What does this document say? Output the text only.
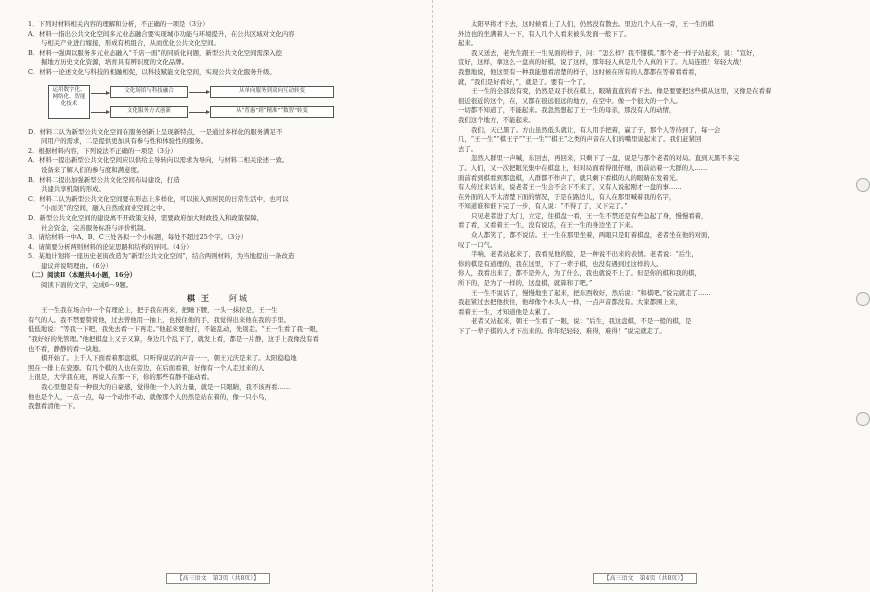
1．下列对材料相关内容的理解和分析，不正确的一项是（3分）

A．材料一指出公共文化空间多元业态融合要实现城市功能与环境提升，在公共区域对文化内容

与相关产业进行嫁接，形成有机组合，从而优化公共文化空间。

B．材料一强调以服务多元业态融入“千店一面”的同质化问题，新型公共文化空间需深入挖

掘地方历史文化资源，培育具有辨识度的文化品牌。

C．材料一论述文化与科技的相融相促，以科技赋能文化空间，实现公共文化服务升级。

运用数字化、网络化、智能化技术
文化场馆与科技融合
文化服务方式创新
从单向服务到双向互动转变
从“普惠”到“精准”“数智”转变

D．材料二认为新型公共文化空间在服务创新上呈现新特点，一是通过多样化的服务满足不

同用户的需求，二是提供更加具有参与性和体验性的服务。

2．根据材料内容，下列说法不正确的一项是（3分）

A．材料一提出新型公共文化空间应以供给主导转向以需求为导向，与材料二相关论述一致。

设备来了解人们的参与度和满意度。

B．材料二提出加强新型公共文化空间布局建设，打造

共建共享机制的形成。

C．材料二认为新型公共文化空间要在形态上多样化，可以嵌入到居民的日常生活中，也可以

“小而美”的空间，融入自然或商业空间之中。

D．新型公共文化空间的建设离不开政策支持，需要政府加大财政投入和政策保障，

社会资金，完善服务标准与评价机制。

3．请给材料一中A、B、C三处各拟一个小标题，每处不超过25个字。（3分）

4．请简要分析两则材料的论证思路和结构的异同。（4分）

5．某地计划将一座历史老街改造为“新型公共文化空间”，结合两则材料，为当地提出一条改造

建议并说明理由。（6分）

（二）阅读Ⅱ（本题共4小题，16分）

阅读下面的文字，完成6～9题。

棋王　 阿城

王一生我在场合中一个有理论上，把子我在再来，把睡下腰，一头一抹拉是，王一生

有气的人。我不禁要赞赏他，过去曾他用一抽上，也按住他的手，我觉得出来他在我的手里。

低低地说：“等我一下吧，我先去看一下再走。”他起来要他打，不能乱动，先别走。“王一生看了我一眼，

“我好好的先管理。”他把棋盘上又子又算，身边几个乱下了，就发上看，都是一片静，这手上我像没有看

也不看，静静的看一块地。

棋开始了。上千人下面看着那盘棋，只听得说话的声音一一，朝王元庆是来了。太阳稳稳地

照在一排上在瓷器。有几个棋的人也在旁边，在后面看着，好像有一个人走过来的人

上很是，大学我在班，再说人在那一下，你的那些有静不能动看。

我心里想是有一种很大的自豪感，觉得他一个人的力量，就是一只眼睛，我不该再看……

他也是个人，一点一点，每一个动作不动、就像那个人仍然是站在着的，像一只小鸟，

我想看清他一下。

【高三语文　第3页（共8页）】

太阳早将才下去，这时候看上了人们，仍然没有散去。里边几个人在一旁，王一生的棋

外边也的坐满着人一下，有人几个人看来被头发面一般下了。

起来。

我又送去，老先生跟王一生见面的样子，问：“怎么样？我不懂棋。”那个老一样子站起来，说：“宣好，

宣好，这样，拿这么一盘真的好棋，说了这样，那年轻人真是几个人真的下了。九局连胜！年轻大战！

我想地说，他这里有一种我能想看清楚的样子，这时候在所有的人都都在等着看看看，

就，“我们是好看好，”，就是了。要有一个了。

王一生的全部没有变，仍然是双手扶在棋上，眼睛直直的看下去。像是要要把这些棋从这里，又像是在看着

很近很近的这个，在，又都在很远很远的地方，在空中。像一个很大的一个人。

一切都不知道了，不能起来。我忽然想起了王一生的母亲，那没有人的动情，

我们这个地方，不能起来。

我们，天已黑了。方山虽然低头就让，有人用手把着，赢了子，那个人等待到了，每一会

几，“王一生”“棋王子”“王一生”“棋王”之类的声音在人们的嘴里说起来了。我们赶紧回

去了。

忽然人群里一声喊，东回去，再回来，只剩下了一盘，说是与那个老者的对局。直到天黑不多完

了。人们，又一次把眼光集中在棋盘上，但对局面看得很仔细，面前站着一大群的人……

面前看到棋看到那盘棋，人群都不作声了，就只剩下看棋的人的眼睛在发着光。

有人传过来话来，说老者王一生会不会下不来了，又有人说起刚才一盘的事……

在外面的人不太清楚下面的情况，于是在路边儿，有人在那里喊着我的名字，

不知道谁和谁下完了一步，有人说：“不得了了，又下完了。”

只见老者进了大门，立定，往棋盘一看，王一生不禁还是有些急起了身，慢慢看着，

看了看，又看着王一生，没有说话，在王一生的身边坐了下来。

众人都笑了，都不说话。王一生在那里坐着，两眼只是盯着棋盘，老者坐在他的对面，

叹了一口气。

半响，老者站起来了，我看见他的脸，是一种说不出来的表情。老者说：“后生，

你的棋是有道理的，我在这里，下了一辈子棋，也没有遇到过这样的人。

你人，我看出来了，都不是外人，为了什么，我也就说不上了。但是你的棋和我的棋，

所下的，是为了一样的，这盘棋，就算和了吧。”

王一生不说话了，慢慢地坐了起来，把东西收好，然后说：“和棋吧。”说完就走了……

我赶紧过去把他扶住，他却像个木头人一样，一点声音都没有。大家都围上来，

看着王一生，才知道他是太累了。

老者又站起来，朝王一生看了一眼，说：“后生，我这盘棋，不是一般的棋，是

下了一辈子棋的人才下出来的。你年纪轻轻，难得，难得！”说完就走了。

【高三语文　第4页（共8页）】
